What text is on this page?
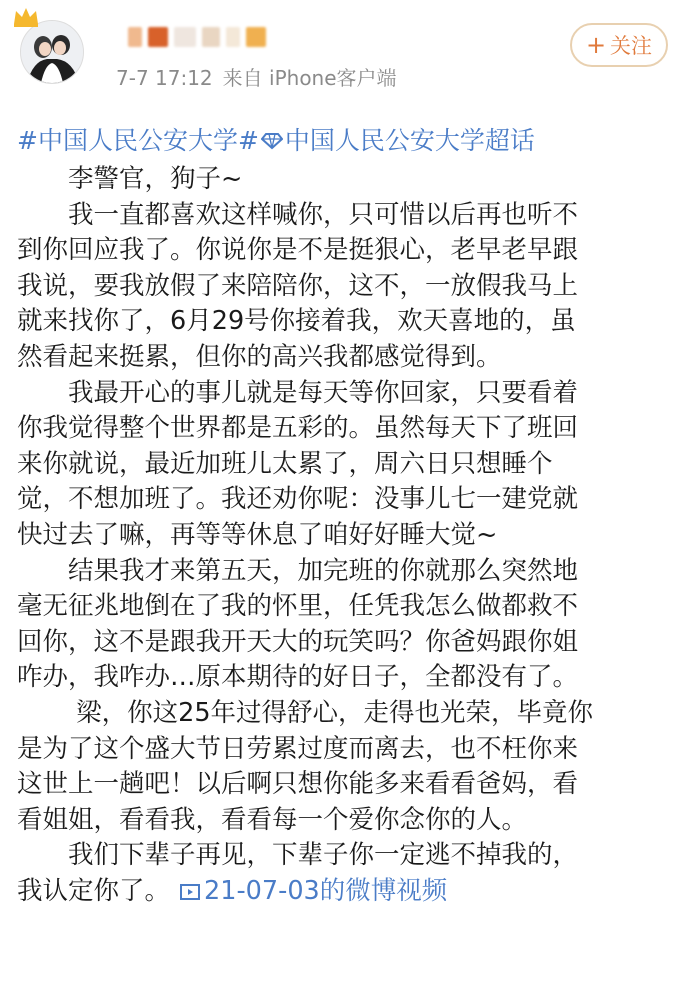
7-7 17:12 来自 iPhone客户端
+ 关注
#中国人民公安大学# 中国人民公安大学超话
　　李警官，狗子~
　　我一直都喜欢这样喊你，只可惜以后再也听不
到你回应我了。你说你是不是挺狠心，老早老早跟
我说，要我放假了来陪陪你，这不，一放假我马上
就来找你了，6月29号你接着我，欢天喜地的，虽
然看起来挺累，但你的高兴我都感觉得到。
　　我最开心的事儿就是每天等你回家，只要看着
你我觉得整个世界都是五彩的。虽然每天下了班回
来你就说，最近加班儿太累了，周六日只想睡个
觉，不想加班了。我还劝你呢：没事儿七一建党就
快过去了嘛，再等等休息了咱好好睡大觉~
　　结果我才来第五天，加完班的你就那么突然地
毫无征兆地倒在了我的怀里，任凭我怎么做都救不
回你，这不是跟我开天大的玩笑吗？你爸妈跟你姐
咋办，我咋办…原本期待的好日子，全都没有了。
　　 梁，你这25年过得舒心，走得也光荣，毕竟你
是为了这个盛大节日劳累过度而离去，也不枉你来
这世上一趟吧！以后啊只想你能多来看看爸妈，看
看姐姐，看看我，看看每一个爱你念你的人。
　　我们下辈子再见，下辈子你一定逃不掉我的，
我认定你了。 21-07-03的微博视频
